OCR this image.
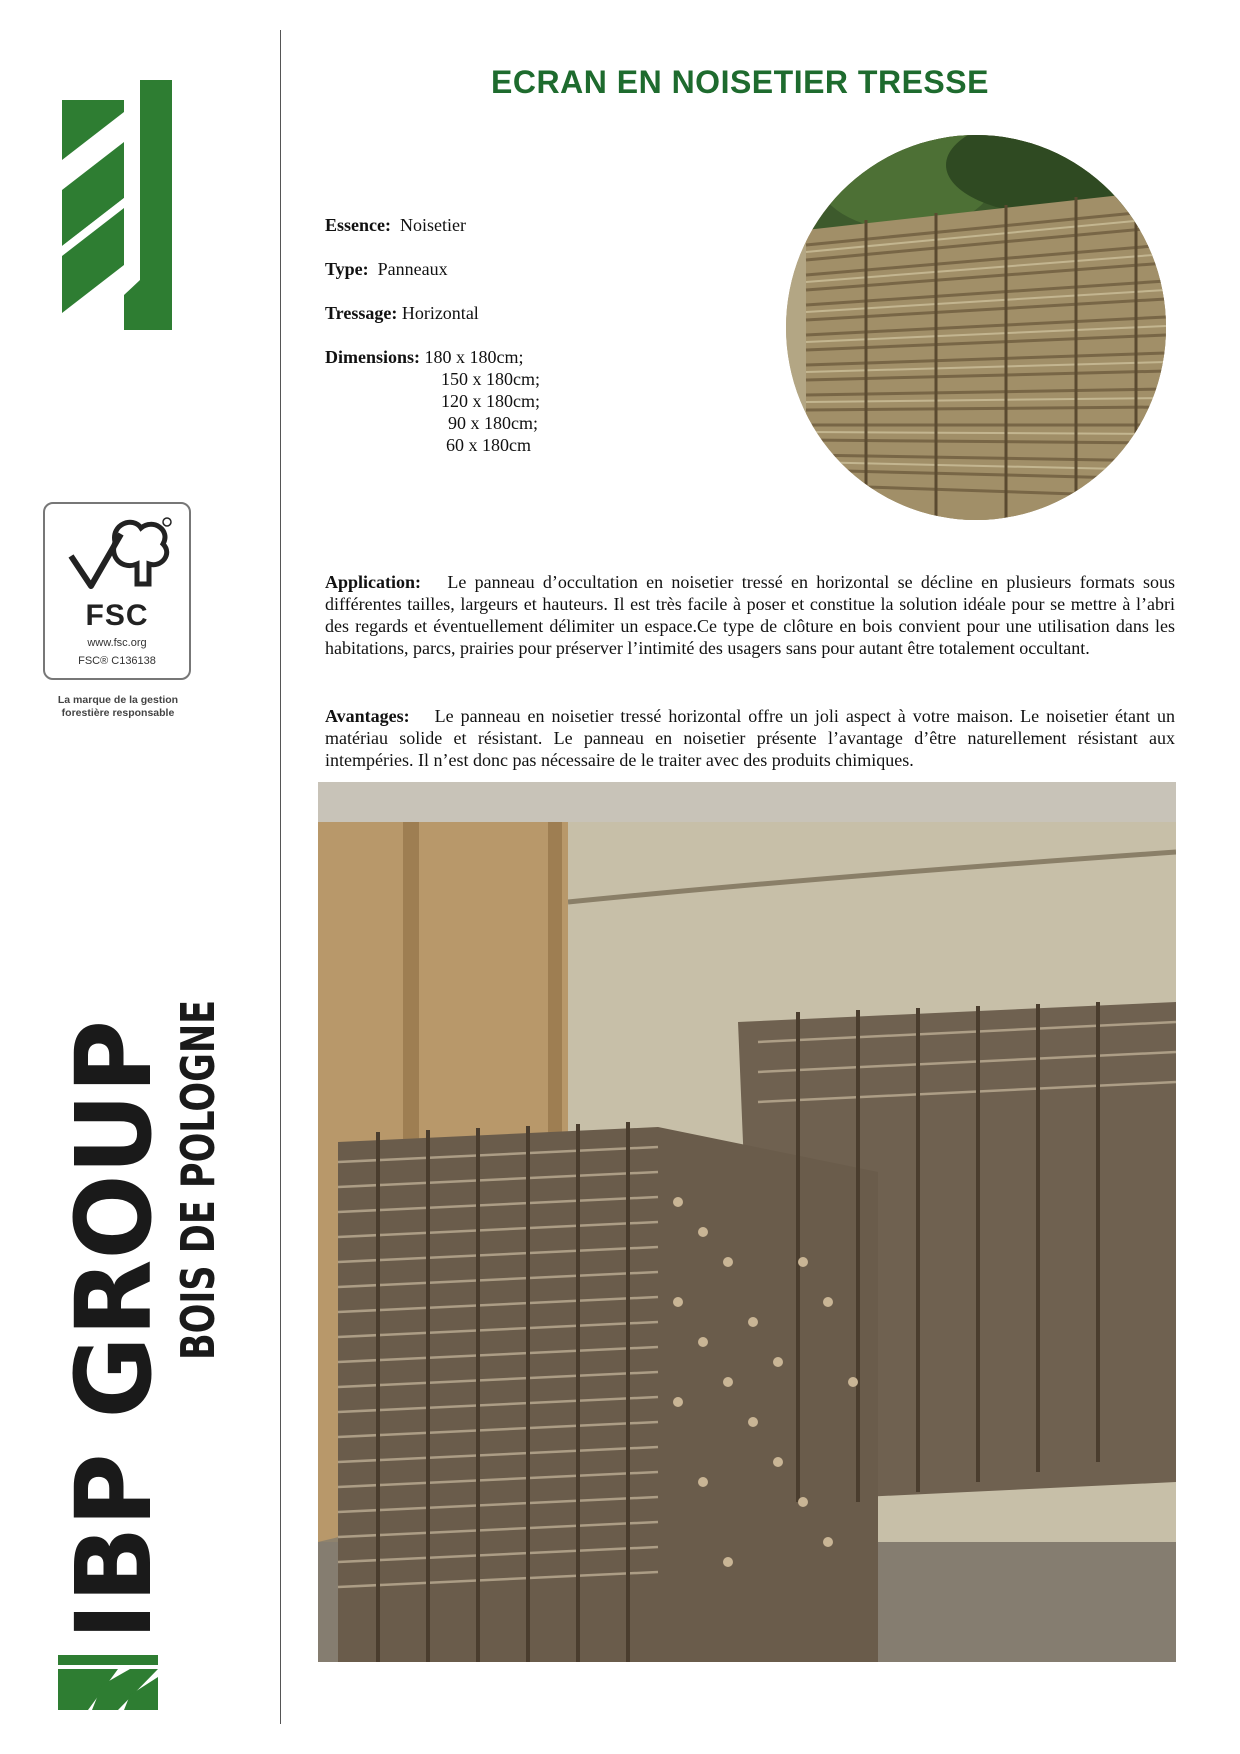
FSC
www.fsc.org
FSC® C136138
La marque de la gestion forestière responsable
IBP GROUP
BOIS DE POLOGNE
ECRAN EN NOISETIER TRESSE
Essence: Noisetier
Type: Panneaux
Tressage: Horizontal
Dimensions: 180 x 180cm;
150 x 180cm;
120 x 180cm;
90 x 180cm;
60 x 180cm
Application: Le panneau d’occultation en noisetier tressé en horizontal se décline en plusieurs formats sous différentes tailles, largeurs et hauteurs. Il est très facile à poser et constitue la solution idéale pour se mettre à l’abri des regards et éventuellement délimiter un espace.Ce type de clôture en bois convient pour une utilisation dans les habitations, parcs, prairies pour préserver l’intimité des usagers sans pour autant être totalement occultant.
Avantages: Le panneau en noisetier tressé horizontal offre un joli aspect à votre maison. Le noisetier étant un matériau solide et résistant. Le panneau en noisetier présente l’avantage d’être naturellement résistant aux intempéries. Il n’est donc pas nécessaire de le traiter avec des produits chimiques.
